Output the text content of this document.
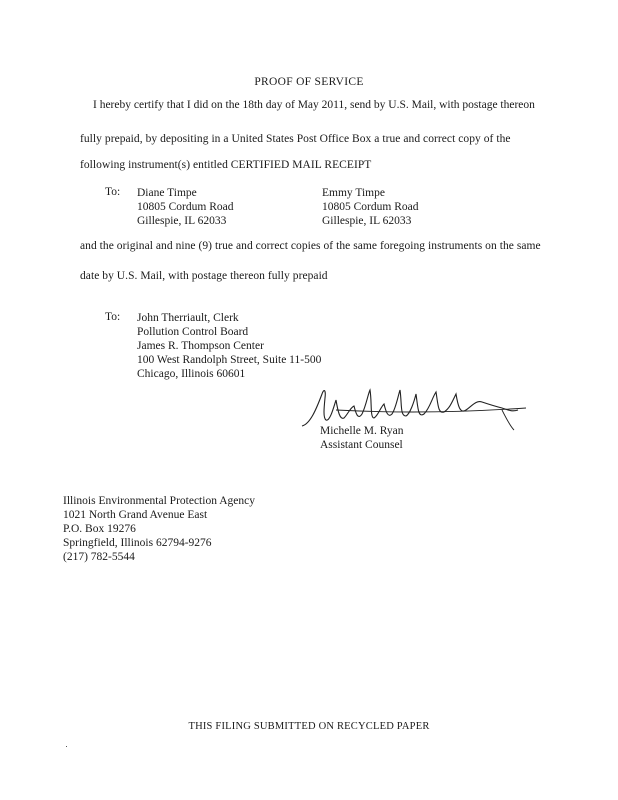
PROOF OF SERVICE
I hereby certify that I did on the 18th day of May 2011, send by U.S. Mail, with postage thereon
fully prepaid, by depositing in a United States Post Office Box a true and correct copy of the
following instrument(s) entitled CERTIFIED MAIL RECEIPT
To: Diane Timpe
10805 Cordum Road
Gillespie, IL 62033
Emmy Timpe
10805 Cordum Road
Gillespie, IL 62033
and the original and nine (9) true and correct copies of the same foregoing instruments on the same
date by U.S. Mail, with postage thereon fully prepaid
To: John Therriault, Clerk
Pollution Control Board
James R. Thompson Center
100 West Randolph Street, Suite 11-500
Chicago, Illinois 60601
Michelle M. Ryan
Assistant Counsel
Illinois Environmental Protection Agency
1021 North Grand Avenue East
P.O. Box 19276
Springfield, Illinois 62794-9276
(217) 782-5544
THIS FILING SUBMITTED ON RECYCLED PAPER
